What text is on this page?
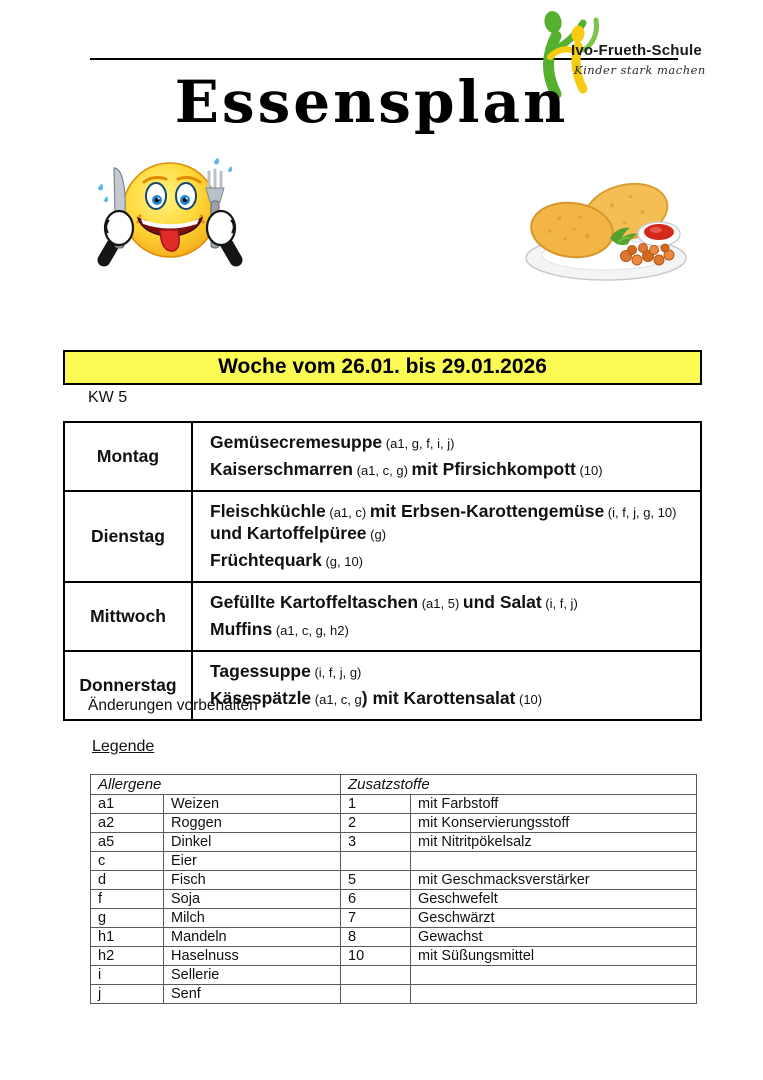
Ivo-Frueth-Schule
Kinder stark machen
Essensplan
Woche vom 26.01. bis 29.01.2026
KW 5
Montag	Gemüsecremesuppe (a1, g, f, i, j)
Kaiserschmarren (a1, c, g) mit Pfirsichkompott (10)

Dienstag	Fleischküchle (a1, c) mit Erbsen-Karottengemüse (i, f, j, g, 10) und Kartoffelpüree (g)
Früchtequark (g, 10)

Mittwoch	Gefüllte Kartoffeltaschen (a1, 5) und Salat (i, f, j)
Muffins (a1, c, g, h2)

Donnerstag	Tagessuppe (i, f, j, g)
Käsespätzle (a1, c, g) mit Karottensalat (10)
Änderungen vorbehalten
Legende
Allergene		Zusatzstoffe	
a1	Weizen	1	mit Farbstoff
a2	Roggen	2	mit Konservierungsstoff
a5	Dinkel	3	mit Nitritpökelsalz
c	Eier		
d	Fisch	5	mit Geschmacksverstärker
f	Soja	6	Geschwefelt
g	Milch	7	Geschwärzt
h1	Mandeln	8	Gewachst
h2	Haselnuss	10	mit Süßungsmittel
i	Sellerie		
j	Senf		
